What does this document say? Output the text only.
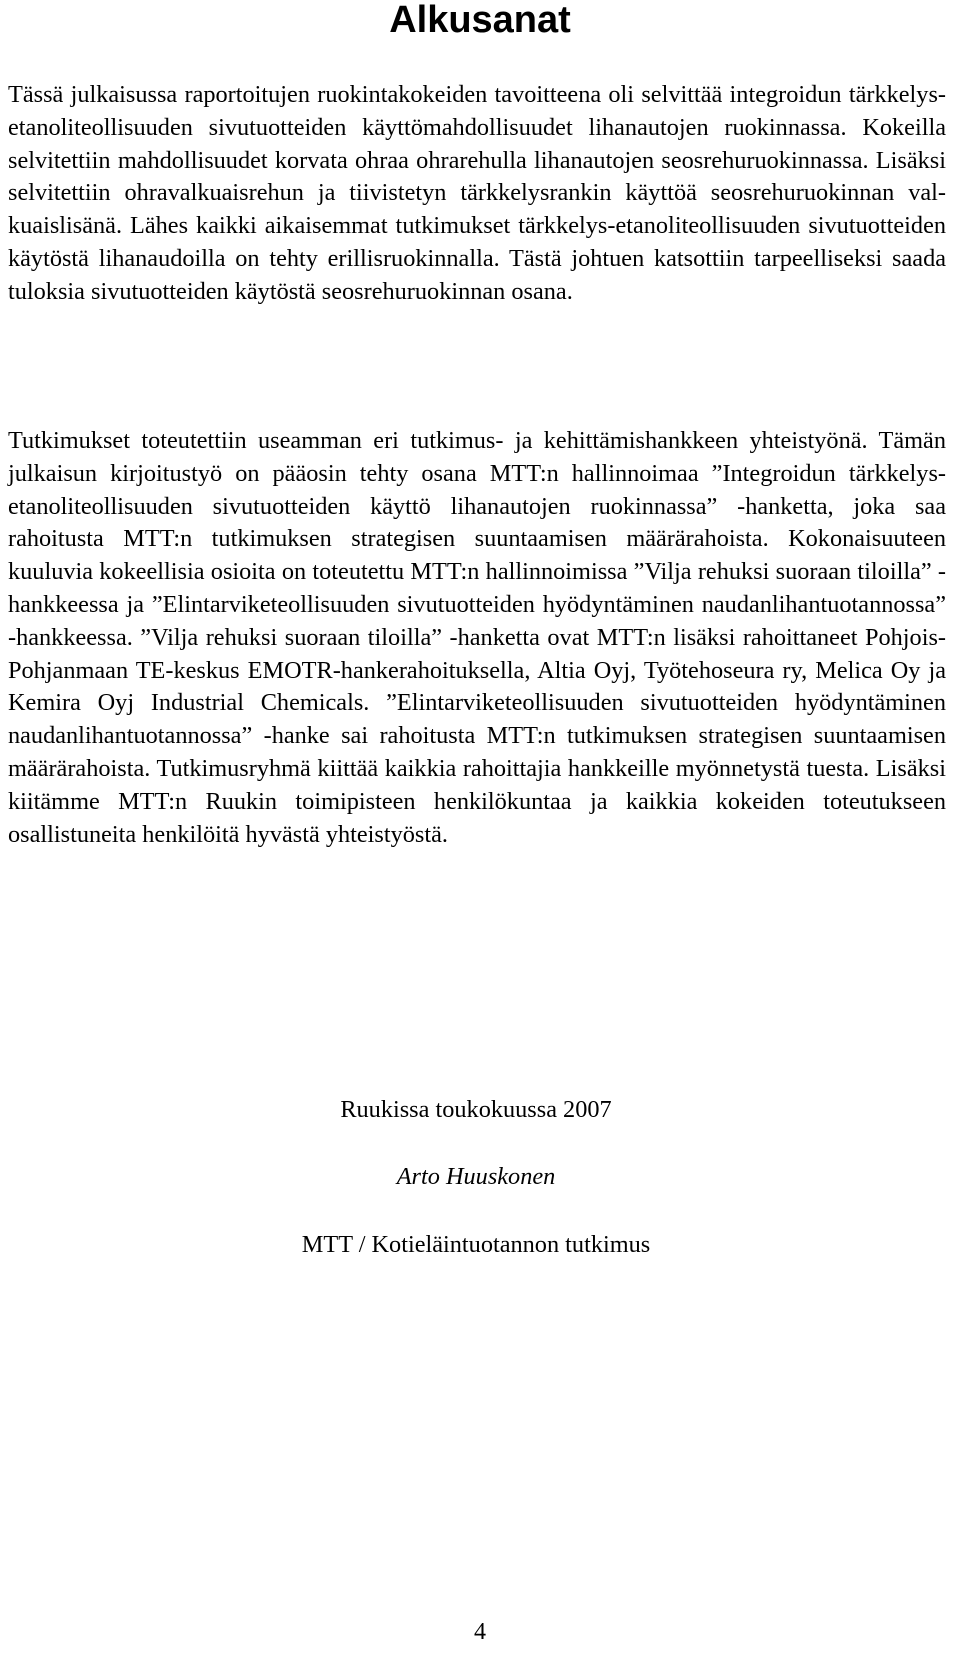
Alkusanat

Tässä julkaisussa raportoitujen ruokintakokeiden tavoitteena oli selvittää integroidun tärkkelys-etanoliteollisuuden sivutuotteiden käyttömahdollisuudet lihanautojen ruokinnassa. Kokeilla selvitettiin mahdollisuudet korvata ohraa ohrarehulla lihanautojen seosrehuruokinnassa. Lisäksi selvitettiin ohravalkuaisrehun ja tiivistetyn tärkkelysrankin käyttöä seosrehuruokinnan valkuaislisänä. Lähes kaikki aikaisemmat tutkimukset tärkkelys-etanoliteollisuuden sivutuotteiden käytöstä lihanaudoilla on tehty erillisruokinnalla. Tästä johtuen katsottiin tarpeelliseksi saada tuloksia sivutuotteiden käytöstä seosrehuruokinnan osana.

Tutkimukset toteutettiin useamman eri tutkimus- ja kehittämishankkeen yhteistyönä. Tämän julkaisun kirjoitustyö on pääosin tehty osana MTT:n hallinnoimaa ”Integroidun tärkkelys-etanoliteollisuuden sivutuotteiden käyttö lihanautojen ruokinnassa” -hanketta, joka saa rahoitusta MTT:n tutkimuksen strategisen suuntaamisen määrärahoista. Kokonaisuuteen kuuluvia kokeellisia osioita on toteutettu MTT:n hallinnoimissa ”Vilja rehuksi suoraan tiloilla” -hankkeessa ja ”Elintarviketeollisuuden sivutuotteiden hyödyntäminen naudanlihantuotannossa” -hankkeessa. ”Vilja rehuksi suoraan tiloilla” -hanketta ovat MTT:n lisäksi rahoittaneet Pohjois-Pohjanmaan TE-keskus EMOTR-hankerahoituksella, Altia Oyj, Työtehoseura ry, Melica Oy ja Kemira Oyj Industrial Chemicals. ”Elintarviketeollisuuden sivutuotteiden hyödyntäminen naudanlihantuotannossa” -hanke sai rahoitusta MTT:n tutkimuksen strategisen suuntaamisen määrärahoista. Tutkimusryhmä kiittää kaikkia rahoittajia hankkeille myönnetystä tuesta. Lisäksi kiitämme MTT:n Ruukin toimipisteen henkilökuntaa ja kaikkia kokeiden toteutukseen osallistuneita henkilöitä hyvästä yhteistyöstä.

Ruukissa toukokuussa 2007
Arto Huuskonen
MTT / Kotieläintuotannon tutkimus
4
